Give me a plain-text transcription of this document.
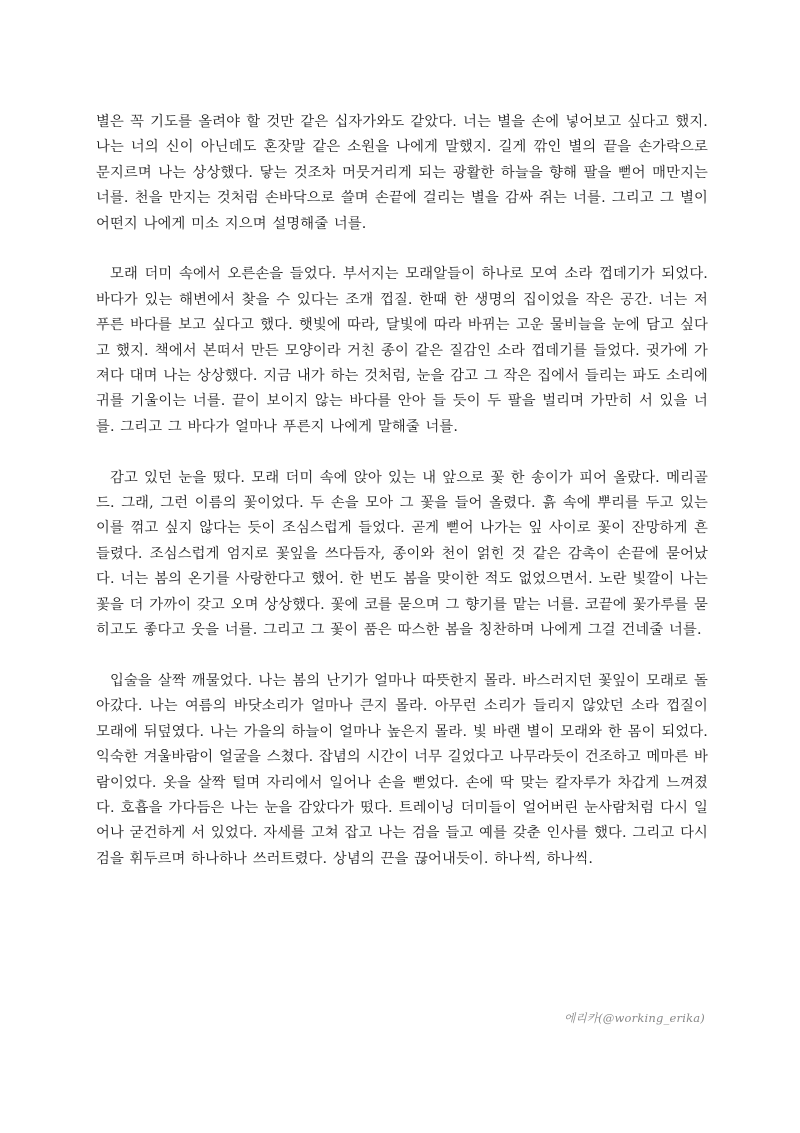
별은 꼭 기도를 올려야 할 것만 같은 십자가와도 같았다. 너는 별을 손에 넣어보고 싶다고 했지. 나는 너의 신이 아닌데도 혼잣말 같은 소원을 나에게 말했지. 길게 깎인 별의 끝을 손가락으로 문지르며 나는 상상했다. 닿는 것조차 머뭇거리게 되는 광활한 하늘을 향해 팔을 뻗어 매만지는 너를. 천을 만지는 것처럼 손바닥으로 쓸며 손끝에 걸리는 별을 감싸 쥐는 너를. 그리고 그 별이 어떤지 나에게 미소 지으며 설명해줄 너를.

모래 더미 속에서 오른손을 들었다. 부서지는 모래알들이 하나로 모여 소라 껍데기가 되었다. 바다가 있는 해변에서 찾을 수 있다는 조개 껍질. 한때 한 생명의 집이었을 작은 공간. 너는 저 푸른 바다를 보고 싶다고 했다. 햇빛에 따라, 달빛에 따라 바뀌는 고운 물비늘을 눈에 담고 싶다고 했지. 책에서 본떠서 만든 모양이라 거친 종이 같은 질감인 소라 껍데기를 들었다. 귓가에 가져다 대며 나는 상상했다. 지금 내가 하는 것처럼, 눈을 감고 그 작은 집에서 들리는 파도 소리에 귀를 기울이는 너를. 끝이 보이지 않는 바다를 안아 들 듯이 두 팔을 벌리며 가만히 서 있을 너를. 그리고 그 바다가 얼마나 푸른지 나에게 말해줄 너를.

감고 있던 눈을 떴다. 모래 더미 속에 앉아 있는 내 앞으로 꽃 한 송이가 피어 올랐다. 메리골드. 그래, 그런 이름의 꽃이었다. 두 손을 모아 그 꽃을 들어 올렸다. 흙 속에 뿌리를 두고 있는 이를 꺾고 싶지 않다는 듯이 조심스럽게 들었다. 곧게 뻗어 나가는 잎 사이로 꽃이 잔망하게 흔들렸다. 조심스럽게 엄지로 꽃잎을 쓰다듬자, 종이와 천이 얽힌 것 같은 감촉이 손끝에 묻어났다. 너는 봄의 온기를 사랑한다고 했어. 한 번도 봄을 맞이한 적도 없었으면서. 노란 빛깔이 나는 꽃을 더 가까이 갖고 오며 상상했다. 꽃에 코를 묻으며 그 향기를 맡는 너를. 코끝에 꽃가루를 묻히고도 좋다고 웃을 너를. 그리고 그 꽃이 품은 따스한 봄을 칭찬하며 나에게 그걸 건네줄 너를.

입술을 살짝 깨물었다. 나는 봄의 난기가 얼마나 따뜻한지 몰라. 바스러지던 꽃잎이 모래로 돌아갔다. 나는 여름의 바닷소리가 얼마나 큰지 몰라. 아무런 소리가 들리지 않았던 소라 껍질이 모래에 뒤덮였다. 나는 가을의 하늘이 얼마나 높은지 몰라. 빛 바랜 별이 모래와 한 몸이 되었다. 익숙한 겨울바람이 얼굴을 스쳤다. 잡념의 시간이 너무 길었다고 나무라듯이 건조하고 메마른 바람이었다. 옷을 살짝 털며 자리에서 일어나 손을 뻗었다. 손에 딱 맞는 칼자루가 차갑게 느껴졌다. 호흡을 가다듬은 나는 눈을 감았다가 떴다. 트레이닝 더미들이 얼어버린 눈사람처럼 다시 일어나 굳건하게 서 있었다. 자세를 고쳐 잡고 나는 검을 들고 예를 갖춘 인사를 했다. 그리고 다시 검을 휘두르며 하나하나 쓰러트렸다. 상념의 끈을 끊어내듯이. 하나씩, 하나씩.

에리카(@working_erika)
